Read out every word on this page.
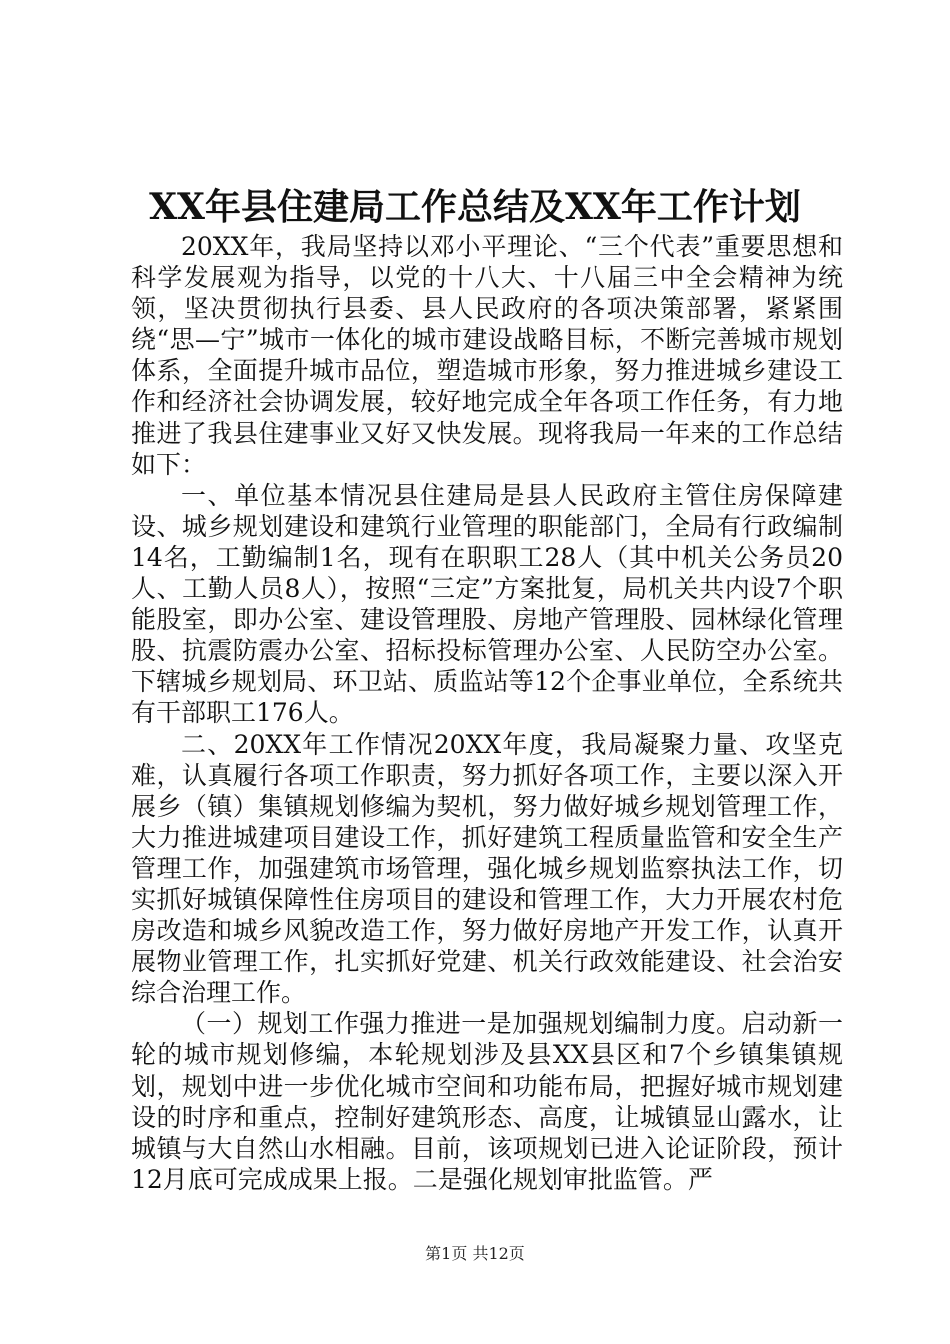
XX年县住建局工作总结及XX年工作计划

20XX年，我局坚持以邓小平理论、“三个代表”重要思想和科学发展观为指导，以党的十八大、十八届三中全会精神为统领，坚决贯彻执行县委、县人民政府的各项决策部署，紧紧围绕“思—宁”城市一体化的城市建设战略目标，不断完善城市规划体系，全面提升城市品位，塑造城市形象，努力推进城乡建设工作和经济社会协调发展，较好地完成全年各项工作任务，有力地推进了我县住建事业又好又快发展。现将我局一年来的工作总结如下：

一、单位基本情况县住建局是县人民政府主管住房保障建设、城乡规划建设和建筑行业管理的职能部门，全局有行政编制14名，工勤编制1名，现有在职职工28人（其中机关公务员20人、工勤人员8人），按照“三定”方案批复，局机关共内设7个职能股室，即办公室、建设管理股、房地产管理股、园林绿化管理股、抗震防震办公室、招标投标管理办公室、人民防空办公室。下辖城乡规划局、环卫站、质监站等12个企事业单位，全系统共有干部职工176人。

二、20XX年工作情况20XX年度，我局凝聚力量、攻坚克难，认真履行各项工作职责，努力抓好各项工作，主要以深入开展乡（镇）集镇规划修编为契机，努力做好城乡规划管理工作，大力推进城建项目建设工作，抓好建筑工程质量监管和安全生产管理工作，加强建筑市场管理，强化城乡规划监察执法工作，切实抓好城镇保障性住房项目的建设和管理工作，大力开展农村危房改造和城乡风貌改造工作，努力做好房地产开发工作，认真开展物业管理工作，扎实抓好党建、机关行政效能建设、社会治安综合治理工作。

（一）规划工作强力推进一是加强规划编制力度。启动新一轮的城市规划修编，本轮规划涉及县XX县区和7个乡镇集镇规划，规划中进一步优化城市空间和功能布局，把握好城市规划建设的时序和重点，控制好建筑形态、高度，让城镇显山露水，让城镇与大自然山水相融。目前，该项规划已进入论证阶段，预计12月底可完成成果上报。二是强化规划审批监管。严

第1页 共12页
